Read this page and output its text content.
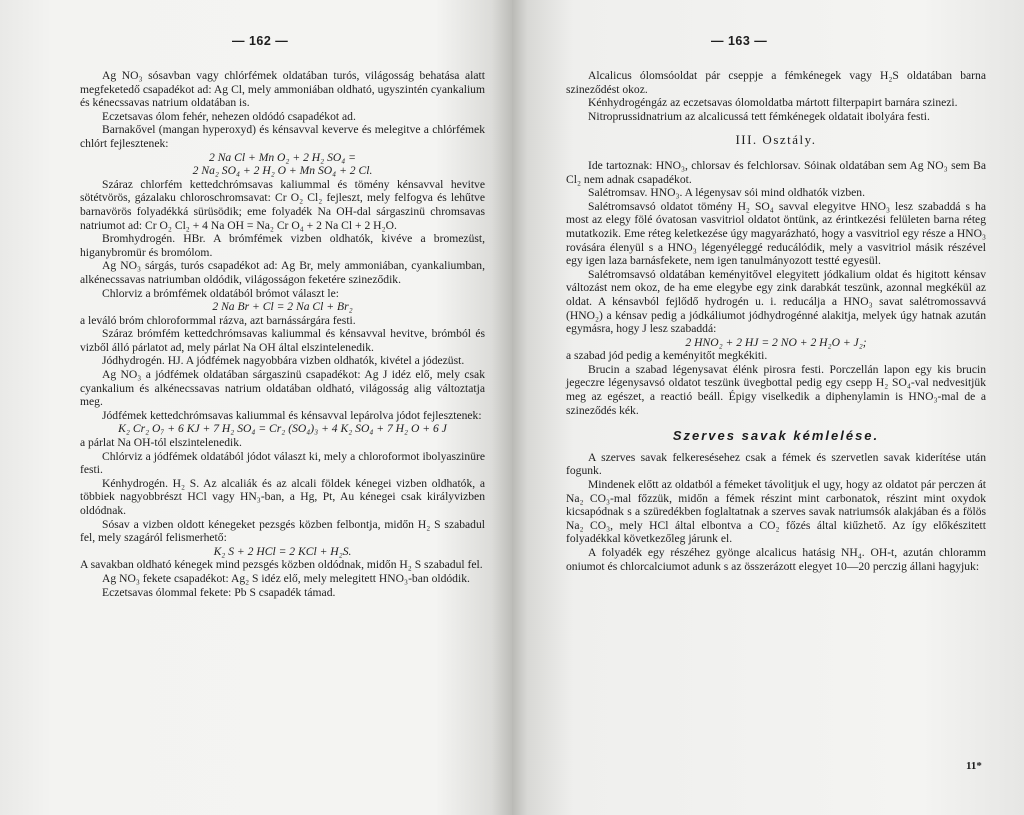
— 162 —

Ag NO₃ sósavban vagy chlórfémek oldatában turós, világosság behatása alatt megfeketedő csapadékot ad: Ag Cl, mely ammoniában oldható, ugyszintén cyankalium és kénecssavas natrium oldatában is.

Eczetsavas ólom fehér, nehezen oldódó csapadékot ad.

Barnakővel (mangan hyperoxyd) és kénsavval keverve és melegitve a chlórfémek chlórt fejlesztenek:

2 Na Cl + Mn O₂ + 2 H₂ SO₄ =

2 Na₂ SO₄ + 2 H₂ O + Mn SO₄ + 2 Cl.

Száraz chlorfém kettedchrómsavas kaliummal és tömény kénsavval hevitve sötétvörös, gázalaku chloroschromsavat: Cr O₂ Cl₂ fejleszt, mely felfogva és lehűtve barnavörös folyadékká sürüsödik; eme folyadék Na OH-dal sárgaszinü chromsavas natriumot ad: Cr O₂ Cl₂ + 4 Na OH = Na₂ Cr O₄ + 2 Na Cl + 2 H₂O.

Bromhydrogén. HBr. A brómfémek vizben oldhatók, kivéve a bromezüst, higanybromür és bromólom.

Ag NO₃ sárgás, turós csapadékot ad: Ag Br, mely ammoniában, cyankaliumban, alkénecssavas natriumban oldódik, világosságon feketére szineződik.

Chlorviz a brómfémek oldatából brómot választ le:

2 Na Br + Cl = 2 Na Cl + Br₂

a leváló bróm chloroformmal rázva, azt barnássárgára festi.

Száraz brómfém kettedchrómsavas kaliummal és kénsavval hevitve, brómból és vizből álló párlatot ad, mely párlat Na OH által elszintelenedik.

Jódhydrogén. HJ. A jódfémek nagyobbára vizben oldhatók, kivétel a jódezüst.

Ag NO₃ a jódfémek oldatában sárgaszinü csapadékot: Ag J idéz elő, mely csak cyankalium és alkénecssavas natrium oldatában oldható, világosság alig változtatja meg.

Jódfémek kettedchrómsavas kaliummal és kénsavval lepárolva jódot fejlesztenek:

K₂ Cr₂ O₇ + 6 KJ + 7 H₂ SO₄ = Cr₂ (SO₄)₃ + 4 K₂ SO₄ + 7 H₂ O + 6 J

a párlat Na OH-tól elszintelenedik.

Chlórviz a jódfémek oldatából jódot választ ki, mely a chloroformot ibolyaszinüre festi.

Kénhydrogén. H₂ S. Az alcaliák és az alcali földek kénegei vizben oldhatók, a többiek nagyobbrészt HCl vagy HN₃-ban, a Hg, Pt, Au kénegei csak királyvizben oldódnak.

Sósav a vizben oldott kénegeket pezsgés közben felbontja, midőn H₂ S szabadul fel, mely szagáról felismerhető:

K₂ S + 2 HCl = 2 KCl + H₂S.

A savakban oldható kénegek mind pezsgés közben oldódnak, midőn H₂ S szabadul fel.

Ag NO₃ fekete csapadékot: Ag₂ S idéz elő, mely melegitett HNO₃-ban oldódik.

Eczetsavas ólommal fekete: Pb S csapadék támad.

— 163 —

Alcalicus ólomsóoldat pár cseppje a fémkénegek vagy H₂S oldatában barna szineződést okoz.

Kénhydrogéngáz az eczetsavas ólomoldatba mártott filterpapirt barnára szinezi.

Nitroprussidnatrium az alcalicussá tett fémkénegek oldatait ibolyára festi.

III. Osztály.

Ide tartoznak: HNO₃, chlorsav és felchlorsav. Sóinak oldatában sem Ag NO₃ sem Ba Cl₂ nem adnak csapadékot.

Salétromsav. HNO₃. A légenysav sói mind oldhatók vizben.

Salétromsavsó oldatot tömény H₂ SO₄ savval elegyitve HNO₃ lesz szabaddá s ha most az elegy fölé óvatosan vasvitriol oldatot öntünk, az érintkezési felületen barna réteg mutatkozik. Eme réteg keletkezése úgy magyarázható, hogy a vasvitriol egy része a HNO₃ rovására élenyül s a HNO₃ légenyéleggé reducálódik, mely a vasvitriol másik részével egy igen laza barnásfekete, nem igen tanulmányozott testté egyesül.

Salétromsavsó oldatában keményitővel elegyitett jódkalium oldat és higitott kénsav változást nem okoz, de ha eme elegybe egy zink darabkát teszünk, azonnal megkékül az oldat. A kénsavból fejlődő hydrogén u. i. reducálja a HNO₃ savat salétromossavvá (HNO₂) a kénsav pedig a jódkáliumot jódhydrogénné alakitja, melyek úgy hatnak azután egymásra, hogy J lesz szabaddá:

2 HNO₂ + 2 HJ = 2 NO + 2 H₂O + J₂;

a szabad jód pedig a keményitőt megkékiti.

Brucin a szabad légenysavat élénk pirosra festi. Porczellán lapon egy kis brucin jegeczre légenysavsó oldatot teszünk üvegbottal pedig egy csepp H₂ SO₄-val nedvesitjük meg az egészet, a reactió beáll. Épigy viselkedik a diphenylamin is HNO₃-mal de a szineződés kék.

Szerves savak kémlelése.

A szerves savak felkeresésehez csak a fémek és szervetlen savak kiderítése után fogunk.

Mindenek előtt az oldatból a fémeket távolitjuk el ugy, hogy az oldatot pár perczen át Na₂ CO₃-mal főzzük, midőn a fémek részint mint carbonatok, részint mint oxydok kicsapódnak s a szüredékben foglaltatnak a szerves savak natriumsók alakjában és a fölös Na₂ CO₃, mely HCl által elbontva a CO₂ főzés által kiűzhető. Az így előkészitett folyadékkal következőleg járunk el.

A folyadék egy részéhez gyönge alcalicus hatásig NH₄. OH-t, azután chloramm oniumot és chlorcalciumot adunk s az összerázott elegyet 10—20 perczig állani hagyjuk:

11*
